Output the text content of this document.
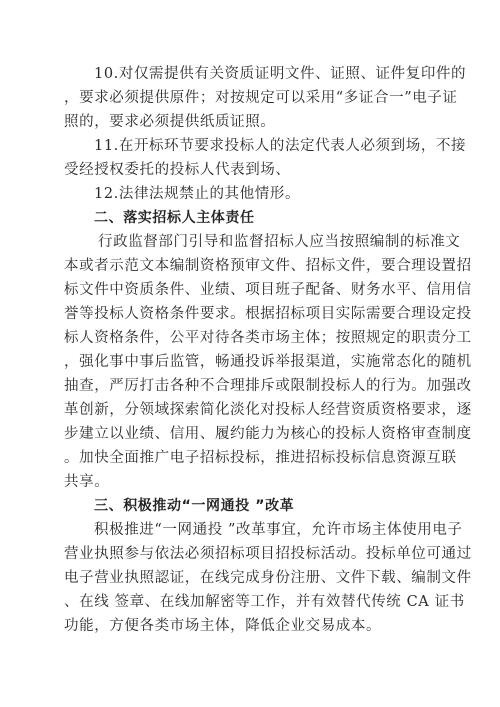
10.对仅需提供有关资质证明文件、证照、证件复印件的
，要求必须提供原件；对按规定可以采用“多证合一”电子证
照的，要求必须提供纸质证照。
11.在开标环节要求投标人的法定代表人必须到场，不接
受经授权委托的投标人代表到场、
12.法律法规禁止的其他情形。
二、落实招标人主体责任
行政监督部门引导和监督招标人应当按照编制的标准文
本或者示范文本编制资格预审文件、招标文件，要合理设置招
标文件中资质条件、业绩、项目班子配备、财务水平、信用信
誉等投标人资格条件要求。根据招标项目实际需要合理设定投
标人资格条件，公平对待各类市场主体；按照规定的职责分工
，强化事中事后监管，畅通投诉举报渠道，实施常态化的随机
抽查，严厉打击各种不合理排斥或限制投标人的行为。加强改
革创新，分领域探索简化淡化对投标人经营资质资格要求，逐
步建立以业绩、信用、履约能力为核心的投标人资格审查制度
。加快全面推广电子招标投标，推进招标投标信息资源互联
共享。
三、积极推动“一网通投 ”改革
积极推进“一网通投 ”改革事宜，允许市场主体使用电子
营业执照参与依法必须招标项目招投标活动。投标单位可通过
电子营业执照認证，在线完成身份注册、文件下载、编制文件
、在线 签章、在线加解密等工作，并有效替代传统 CA 证书
功能，方便各类市场主体，降低企业交易成本。
